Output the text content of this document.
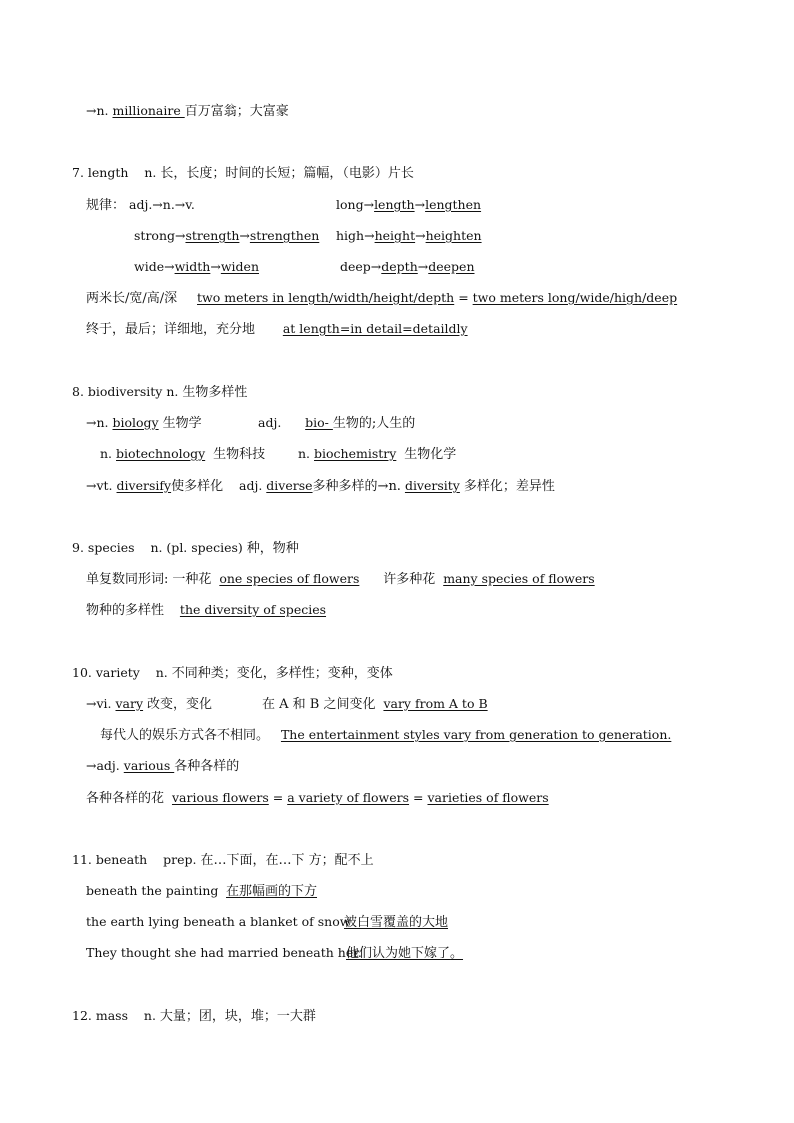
→n. millionaire 百万富翁；大富豪
7. length n. 长，长度；时间的长短；篇幅，（电影）片长
规律： adj.→n.→v.	long→length→lengthen
strong→strength→strengthen high→height→heighten
wide→width→widen	deep→depth→deepen
两米长/宽/高/深 two meters in length/width/height/depth = two meters long/wide/high/deep
终于，最后；详细地，充分地 at length=in detail=detaildly
8. biodiversity n. 生物多样性
→n. biology 生物学	adj. bio- 生物的;人生的
n. biotechnology 生物科技	n. biochemistry 生物化学
→vt. diversify使多样化 adj. diverse多种多样的→n. diversity 多样化；差异性
9. species n. (pl. species) 种，物种
单复数同形词: 一种花 one species of flowers 许多种花 many species of flowers
物种的多样性 the diversity of species
10. variety n. 不同种类；变化，多样性；变种，变体
→vi. vary 改变，变化	在 A 和 B 之间变化 vary from A to B
每代人的娱乐方式各不相同。 The entertainment styles vary from generation to generation.
→adj. various 各种各样的
各种各样的花 various flowers = a variety of flowers = varieties of flowers
11. beneath prep. 在…下面，在…下 方；配不上
beneath the painting 在那幅画的下方
the earth lying beneath a blanket of snow
被白雪覆盖的大地
They thought she had married beneath her.
他们认为她下嫁了。
12. mass n. 大量；团，块，堆；一大群
